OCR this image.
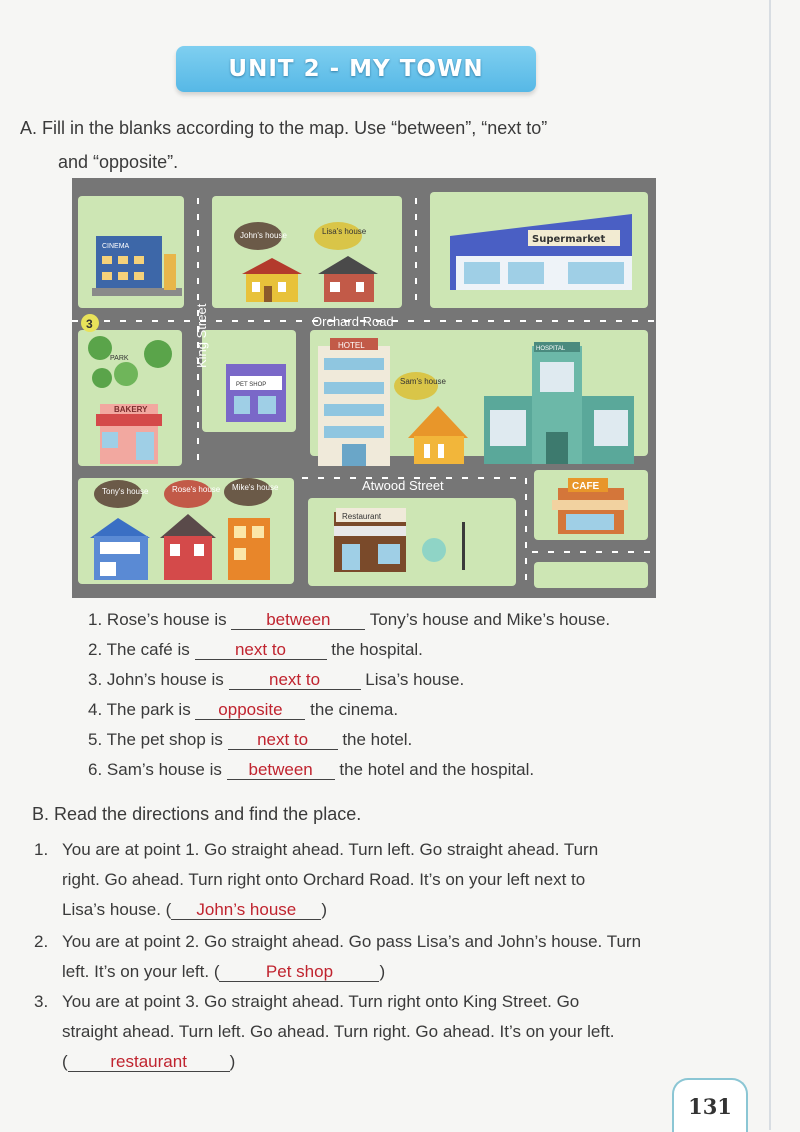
UNIT 2 - MY TOWN
A. Fill in the blanks according to the map. Use “between”, “next to”
and “opposite”.
Orchard Road
Atwood Street
King Street
3
CINEMA
John's house	Lisa's house
Supermarket
PARK
BAKERY
PET SHOP
HOTEL
Sam's house
HOSPITAL
Tony's house	Rose's house Mike's house
Restaurant
CAFE
1. Rose’s house is between Tony’s house and Mike’s house.
2. The café is	next to	the hospital.
3. John’s house is	next to	Lisa’s house.
4. The park is opposite the cinema.
5. The pet shop is next to the hotel.
6. Sam’s house is between the hotel and the hospital.
B. Read the directions and find the place.
1. You are at point 1. Go straight ahead. Turn left. Go straight ahead. Turn
right. Go ahead. Turn right onto Orchard Road. It’s on your left next to
Lisa’s house. ( John’s house )
2. You are at point 2. Go straight ahead. Go pass Lisa’s and John’s house. Turn
left. It’s on your left. (	Pet shop	)
3. You are at point 3. Go straight ahead. Turn right onto King Street. Go
straight ahead. Turn left. Go ahead. Turn right. Go ahead. It’s on your left.
(	restaurant	)
131
